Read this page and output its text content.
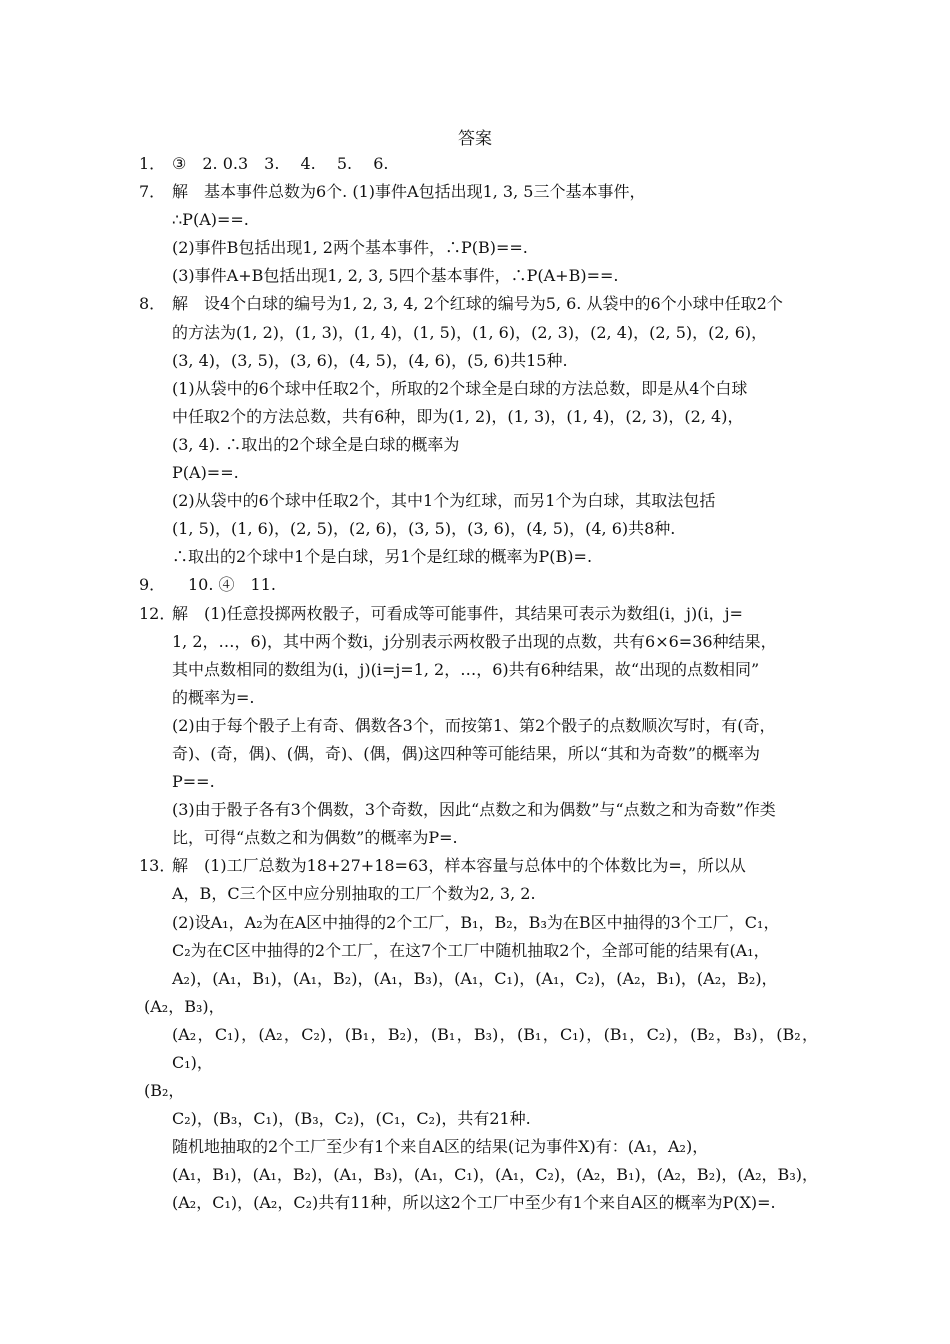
答案
1． ③　2. 0.3　3. 　4. 　5. 　6.
7． 解　基本事件总数为6个. (1)事件A包括出现1, 3, 5三个基本事件，
∴P(A)==.
(2)事件B包括出现1, 2两个基本事件，∴P(B)==.
(3)事件A+B包括出现1, 2, 3, 5四个基本事件，∴P(A+B)==.
8． 解　设4个白球的编号为1, 2, 3, 4, 2个红球的编号为5, 6. 从袋中的6个小球中任取2个
的方法为(1, 2)，(1, 3)，(1, 4)，(1, 5)，(1, 6)，(2, 3)，(2, 4)，(2, 5)，(2, 6)，
(3, 4)，(3, 5)，(3, 6)，(4, 5)，(4, 6)，(5, 6)共15种.
(1)从袋中的6个球中任取2个，所取的2个球全是白球的方法总数，即是从4个白球
中任取2个的方法总数，共有6种，即为(1, 2)，(1, 3)，(1, 4)，(2, 3)，(2, 4)，
(3, 4). ∴取出的2个球全是白球的概率为
P(A)==.
(2)从袋中的6个球中任取2个，其中1个为红球，而另1个为白球，其取法包括
(1, 5)，(1, 6)，(2, 5)，(2, 6)，(3, 5)，(3, 6)，(4, 5)，(4, 6)共8种.
∴取出的2个球中1个是白球，另1个是红球的概率为P(B)=.
9． 　10. ④　11.
12．
解　(1)任意投掷两枚骰子，可看成等可能事件，其结果可表示为数组(i，j)(i，j=
1, 2，…，6)，其中两个数i，j分别表示两枚骰子出现的点数，共有6×6=36种结果，
其中点数相同的数组为(i，j)(i=j=1, 2，…，6)共有6种结果，故“出现的点数相同”
的概率为=.
(2)由于每个骰子上有奇、偶数各3个，而按第1、第2个骰子的点数顺次写时，有(奇，
奇)、(奇，偶)、(偶，奇)、(偶，偶)这四种等可能结果，所以“其和为奇数”的概率为
P==.
(3)由于骰子各有3个偶数，3个奇数，因此“点数之和为偶数”与“点数之和为奇数”作类
比，可得“点数之和为偶数”的概率为P=.
13．
解　(1)工厂总数为18+27+18=63，样本容量与总体中的个体数比为=，所以从
A，B，C三个区中应分别抽取的工厂个数为2, 3, 2.
(2)设A₁，A₂为在A区中抽得的2个工厂，B₁，B₂，B₃为在B区中抽得的3个工厂，C₁，
C₂为在C区中抽得的2个工厂，在这7个工厂中随机抽取2个，全部可能的结果有(A₁，
A₂)，(A₁，B₁)，(A₁，B₂)，(A₁，B₃)，(A₁，C₁)，(A₁，C₂)，(A₂，B₁)，(A₂，B₂)，
(A₂，B₃)，
(A₂，C₁)，(A₂，C₂)，(B₁，B₂)，(B₁，B₃)，(B₁，C₁)，(B₁，C₂)，(B₂，B₃)，(B₂，C₁)，
(B₂，
C₂)，(B₃，C₁)，(B₃，C₂)，(C₁，C₂)，共有21种.
随机地抽取的2个工厂至少有1个来自A区的结果(记为事件X)有：(A₁，A₂)，
(A₁，B₁)，(A₁，B₂)，(A₁，B₃)，(A₁，C₁)，(A₁，C₂)，(A₂，B₁)，(A₂，B₂)，(A₂，B₃)，
(A₂，C₁)，(A₂，C₂)共有11种，所以这2个工厂中至少有1个来自A区的概率为P(X)=.
